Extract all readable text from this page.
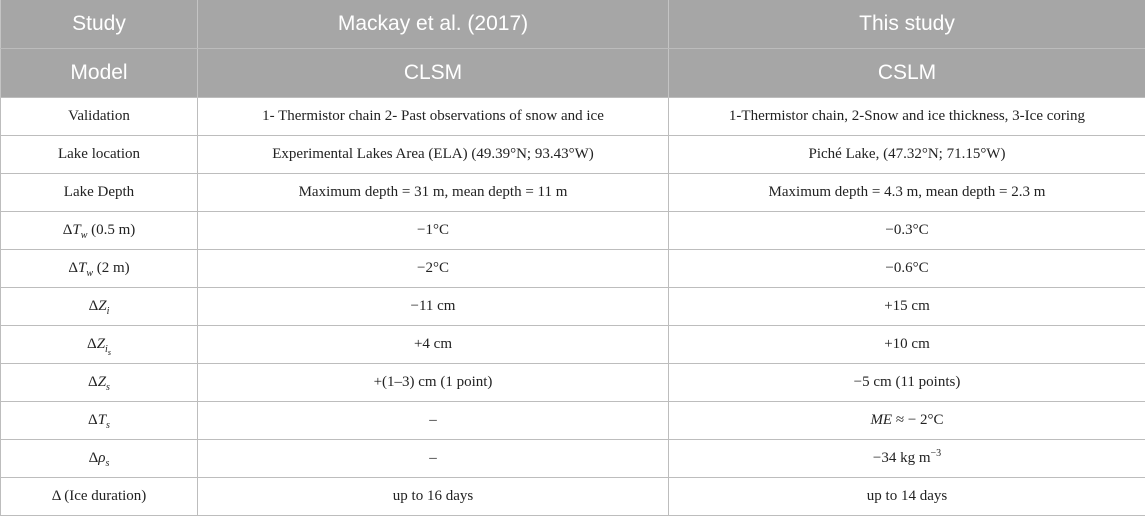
Study	Mackay et al. (2017)	This study
Model	CLSM	CSLM
Validation	1- Thermistor chain 2- Past observations of snow and ice	1-Thermistor chain, 2-Snow and ice thickness, 3-Ice coring
Lake location	Experimental Lakes Area (ELA) (49.39°N; 93.43°W)	Piché Lake, (47.32°N; 71.15°W)
Lake Depth	Maximum depth = 31 m, mean depth = 11 m	Maximum depth = 4.3 m, mean depth = 2.3 m
$\Delta T_w$ (0.5 m)	−1°C	−0.3°C
$\Delta T_w$ (2 m)	−2°C	−0.6°C
$\Delta Z_i$	−11 cm	+15 cm
$\Delta Z_{i_s}$	+4 cm	+10 cm
$\Delta Z_s$	+(1–3) cm (1 point)	−5 cm (11 points)
$\Delta T_s$	–	ME ≈ − 2°C
$\Delta\rho_s$	–	−34 kg $m^{-3}$
Δ (Ice duration)	up to 16 days	up to 14 days
